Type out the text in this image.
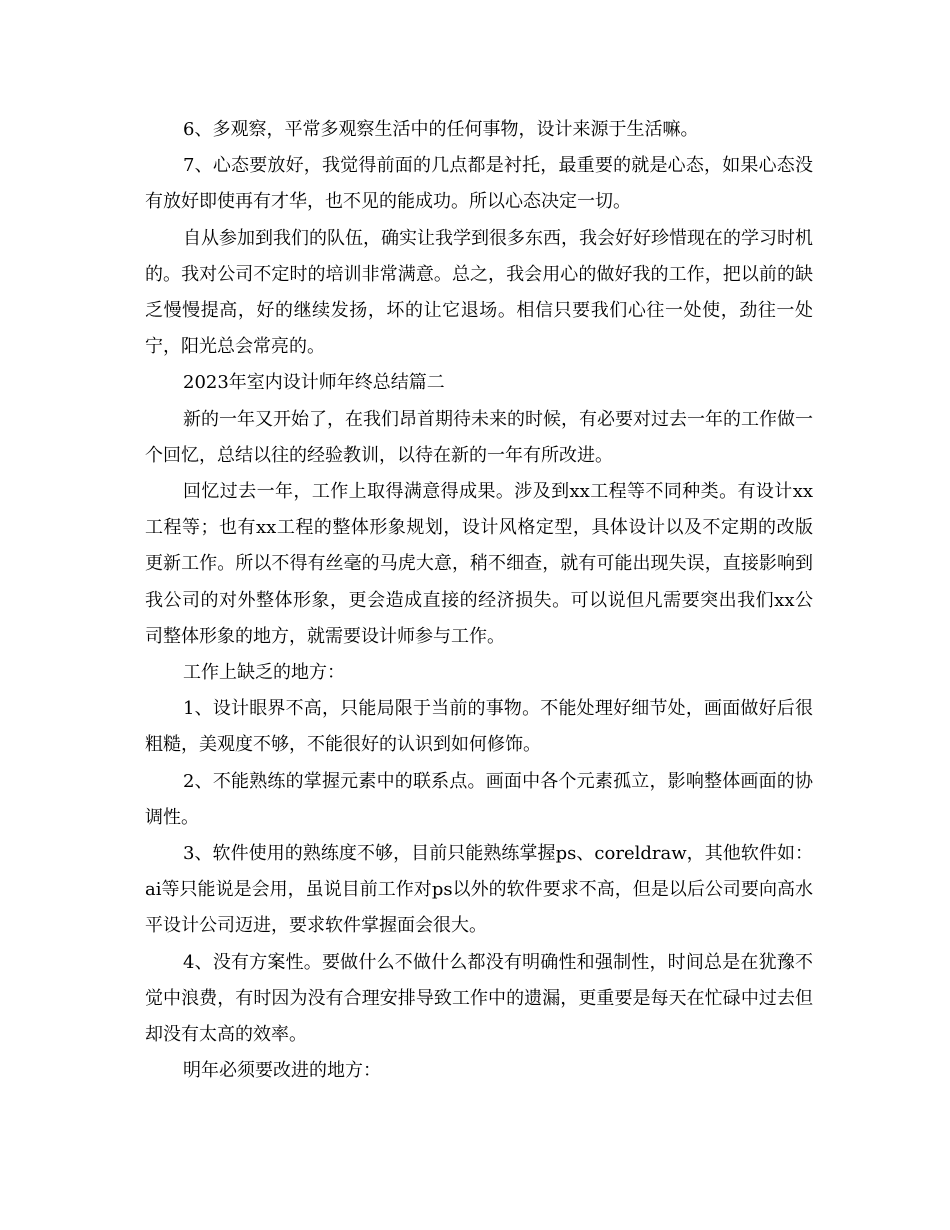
6、多观察，平常多观察生活中的任何事物，设计来源于生活嘛。

7、心态要放好，我觉得前面的几点都是衬托，最重要的就是心态，如果心态没有放好即使再有才华，也不见的能成功。所以心态决定一切。

自从参加到我们的队伍，确实让我学到很多东西，我会好好珍惜现在的学习时机的。我对公司不定时的培训非常满意。总之，我会用心的做好我的工作，把以前的缺乏慢慢提高，好的继续发扬，坏的让它退场。相信只要我们心往一处使，劲往一处宁，阳光总会常亮的。

2023年室内设计师年终总结篇二

新的一年又开始了，在我们昂首期待未来的时候，有必要对过去一年的工作做一个回忆，总结以往的经验教训，以待在新的一年有所改进。

回忆过去一年，工作上取得满意得成果。涉及到xx工程等不同种类。有设计xx工程等；也有xx工程的整体形象规划，设计风格定型，具体设计以及不定期的改版更新工作。所以不得有丝毫的马虎大意，稍不细查，就有可能出现失误，直接影响到我公司的对外整体形象，更会造成直接的经济损失。可以说但凡需要突出我们xx公司整体形象的地方，就需要设计师参与工作。

工作上缺乏的地方：

1、设计眼界不高，只能局限于当前的事物。不能处理好细节处，画面做好后很粗糙，美观度不够，不能很好的认识到如何修饰。

2、不能熟练的掌握元素中的联系点。画面中各个元素孤立，影响整体画面的协调性。

3、软件使用的熟练度不够，目前只能熟练掌握ps、coreldraw，其他软件如：ai等只能说是会用，虽说目前工作对ps以外的软件要求不高，但是以后公司要向高水平设计公司迈进，要求软件掌握面会很大。

4、没有方案性。要做什么不做什么都没有明确性和强制性，时间总是在犹豫不觉中浪费，有时因为没有合理安排导致工作中的遗漏，更重要是每天在忙碌中过去但却没有太高的效率。

明年必须要改进的地方：
